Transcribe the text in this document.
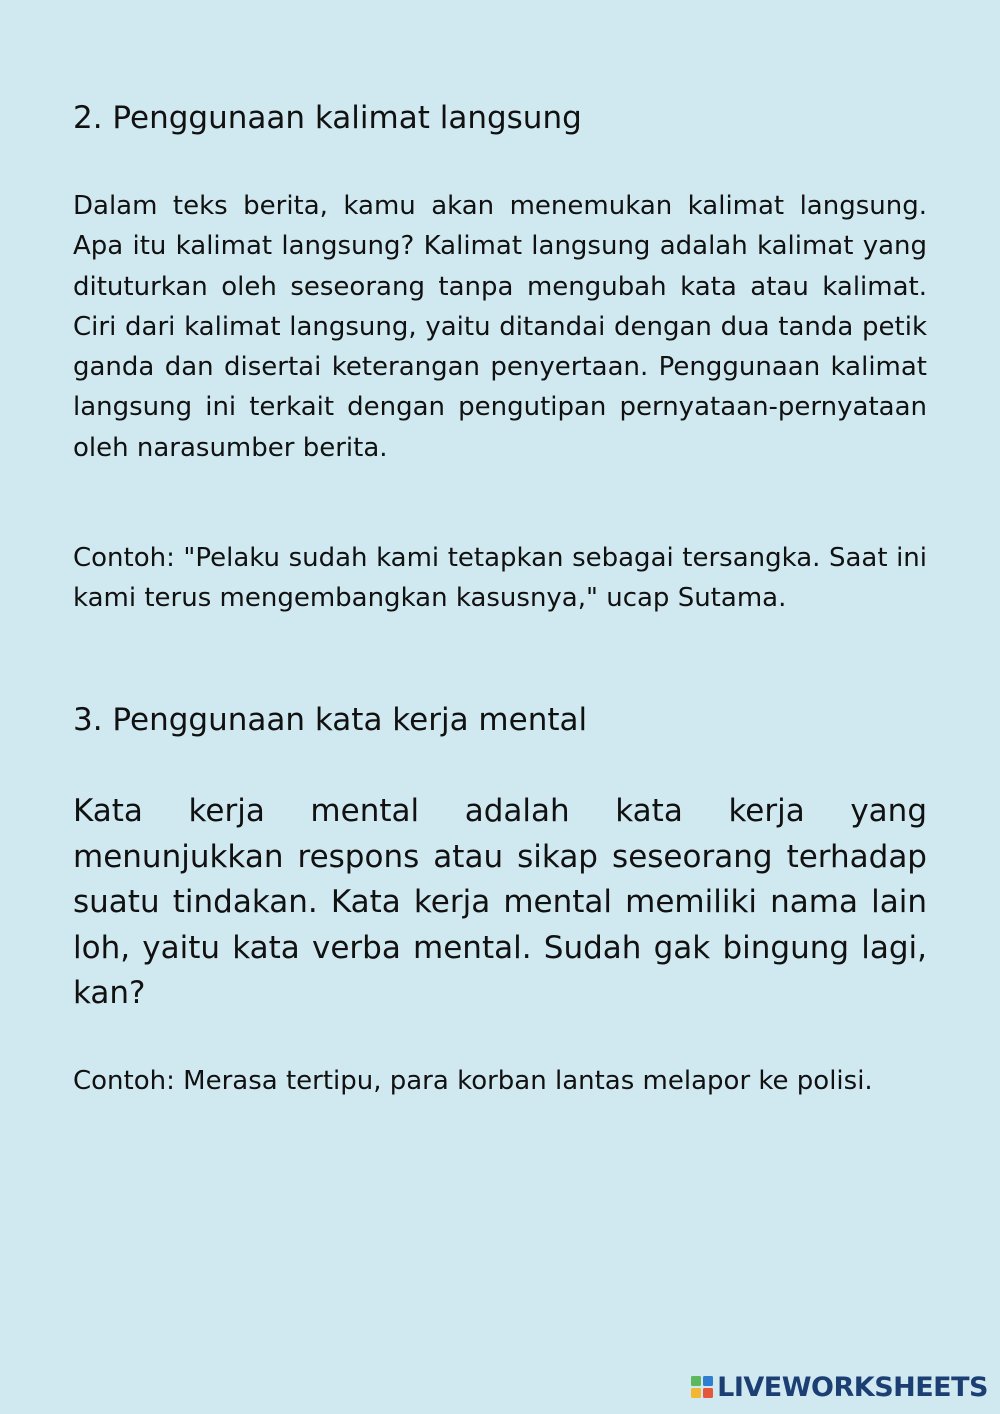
2. Penggunaan kalimat langsung

Dalam teks berita, kamu akan menemukan kalimat langsung. Apa itu kalimat langsung? Kalimat langsung adalah kalimat yang dituturkan oleh seseorang tanpa mengubah kata atau kalimat. Ciri dari kalimat langsung, yaitu ditandai dengan dua tanda petik ganda dan disertai keterangan penyertaan. Penggunaan kalimat langsung ini terkait dengan pengutipan pernyataan-pernyataan oleh narasumber berita.

Contoh: "Pelaku sudah kami tetapkan sebagai tersangka. Saat ini kami terus mengembangkan kasusnya," ucap Sutama.

3. Penggunaan kata kerja mental

Kata kerja mental adalah kata kerja yang menunjukkan respons atau sikap seseorang terhadap suatu tindakan. Kata kerja mental memiliki nama lain loh, yaitu kata verba mental. Sudah gak bingung lagi, kan?

Contoh: Merasa tertipu, para korban lantas melapor ke polisi.

LIVEWORKSHEETS
